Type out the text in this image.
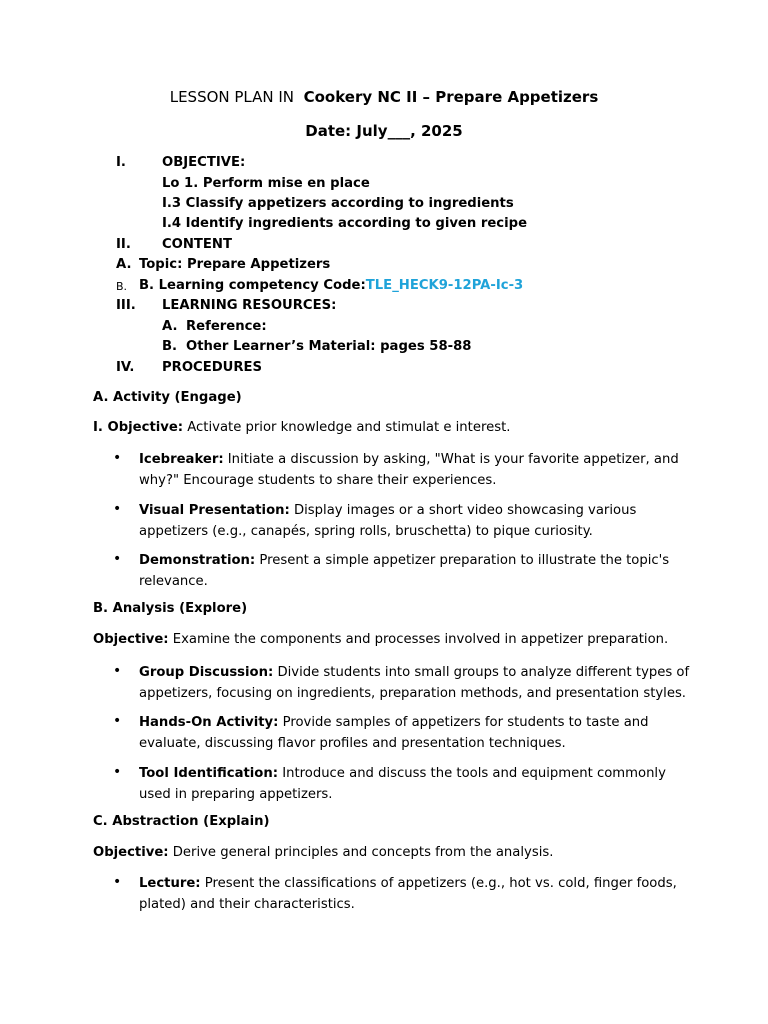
LESSON PLAN IN Cookery NC II – Prepare Appetizers
Date: July___, 2025
I.	OBJECTIVE:
Lo 1. Perform mise en place
I.3 Classify appetizers according to ingredients
I.4 Identify ingredients according to given recipe
II. CONTENT
A. Topic: Prepare Appetizers
B. B. Learning competency Code:TLE_HECK9-12PA-Ic-3
III. LEARNING RESOURCES:
A. Reference:
B. Other Learner’s Material: pages 58-88
IV. PROCEDURES
A. Activity (Engage)
I. Objective: Activate prior knowledge and stimulat e interest.
• Icebreaker: Initiate a discussion by asking, "What is your favorite appetizer, and why?" Encourage students to share their experiences.
• Visual Presentation: Display images or a short video showcasing various appetizers (e.g., canapés, spring rolls, bruschetta) to pique curiosity.
• Demonstration: Present a simple appetizer preparation to illustrate the topic's relevance.
B. Analysis (Explore)
Objective: Examine the components and processes involved in appetizer preparation.
• Group Discussion: Divide students into small groups to analyze different types of appetizers, focusing on ingredients, preparation methods, and presentation styles.
• Hands-On Activity: Provide samples of appetizers for students to taste and evaluate, discussing flavor profiles and presentation techniques.
• Tool Identification: Introduce and discuss the tools and equipment commonly used in preparing appetizers.
C. Abstraction (Explain)
Objective: Derive general principles and concepts from the analysis.
• Lecture: Present the classifications of appetizers (e.g., hot vs. cold, finger foods, plated) and their characteristics.
